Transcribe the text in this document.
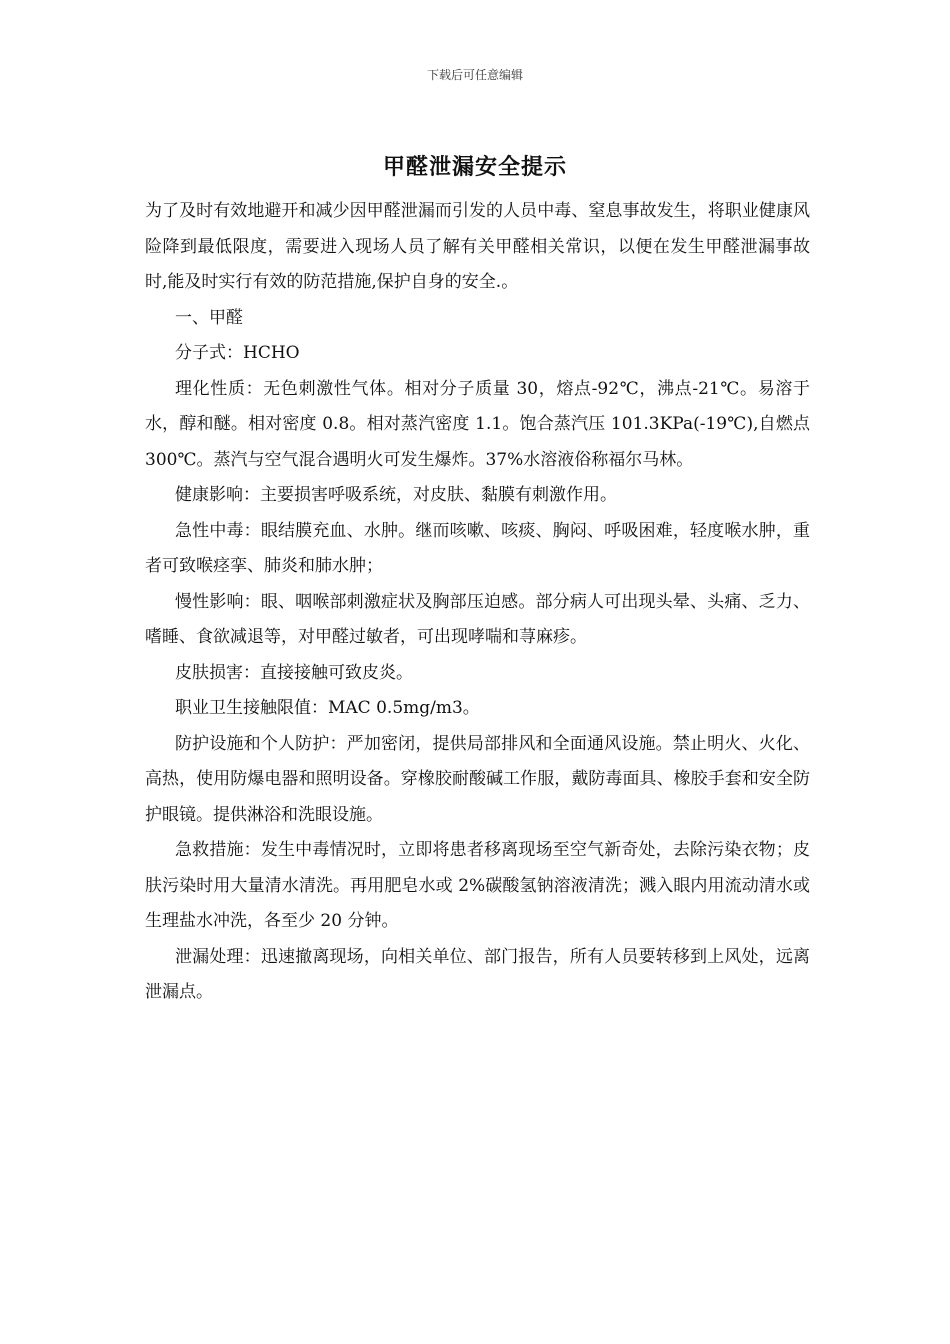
下载后可任意编辑
甲醛泄漏安全提示

为了及时有效地避开和减少因甲醛泄漏而引发的人员中毒、窒息事故发生，将职业健康风险降到最低限度，需要进入现场人员了解有关甲醛相关常识，以便在发生甲醛泄漏事故时,能及时实行有效的防范措施,保护自身的安全.。

一、甲醛

分子式：HCHO

理化性质：无色刺激性气体。相对分子质量 30，熔点-92℃，沸点-21℃。易溶于水，醇和醚。相对密度 0.8。相对蒸汽密度 1.1。饱合蒸汽压 101.3KPa(-19℃),自燃点 300℃。蒸汽与空气混合遇明火可发生爆炸。37%水溶液俗称福尔马林。

健康影响：主要损害呼吸系统，对皮肤、黏膜有刺激作用。

急性中毒：眼结膜充血、水肿。继而咳嗽、咳痰、胸闷、呼吸困难，轻度喉水肿，重者可致喉痉挛、肺炎和肺水肿；

慢性影响：眼、咽喉部刺激症状及胸部压迫感。部分病人可出现头晕、头痛、乏力、嗜睡、食欲减退等，对甲醛过敏者，可出现哮喘和荨麻疹。

皮肤损害：直接接触可致皮炎。

职业卫生接触限值：MAC 0.5mg/m3。

防护设施和个人防护：严加密闭，提供局部排风和全面通风设施。禁止明火、火化、高热，使用防爆电器和照明设备。穿橡胶耐酸碱工作服，戴防毒面具、橡胶手套和安全防护眼镜。提供淋浴和洗眼设施。

急救措施：发生中毒情况时，立即将患者移离现场至空气新奇处，去除污染衣物；皮肤污染时用大量清水清洗。再用肥皂水或 2%碳酸氢钠溶液清洗；溅入眼内用流动清水或生理盐水冲洗，各至少 20 分钟。

泄漏处理：迅速撤离现场，向相关单位、部门报告，所有人员要转移到上风处，远离泄漏点。
